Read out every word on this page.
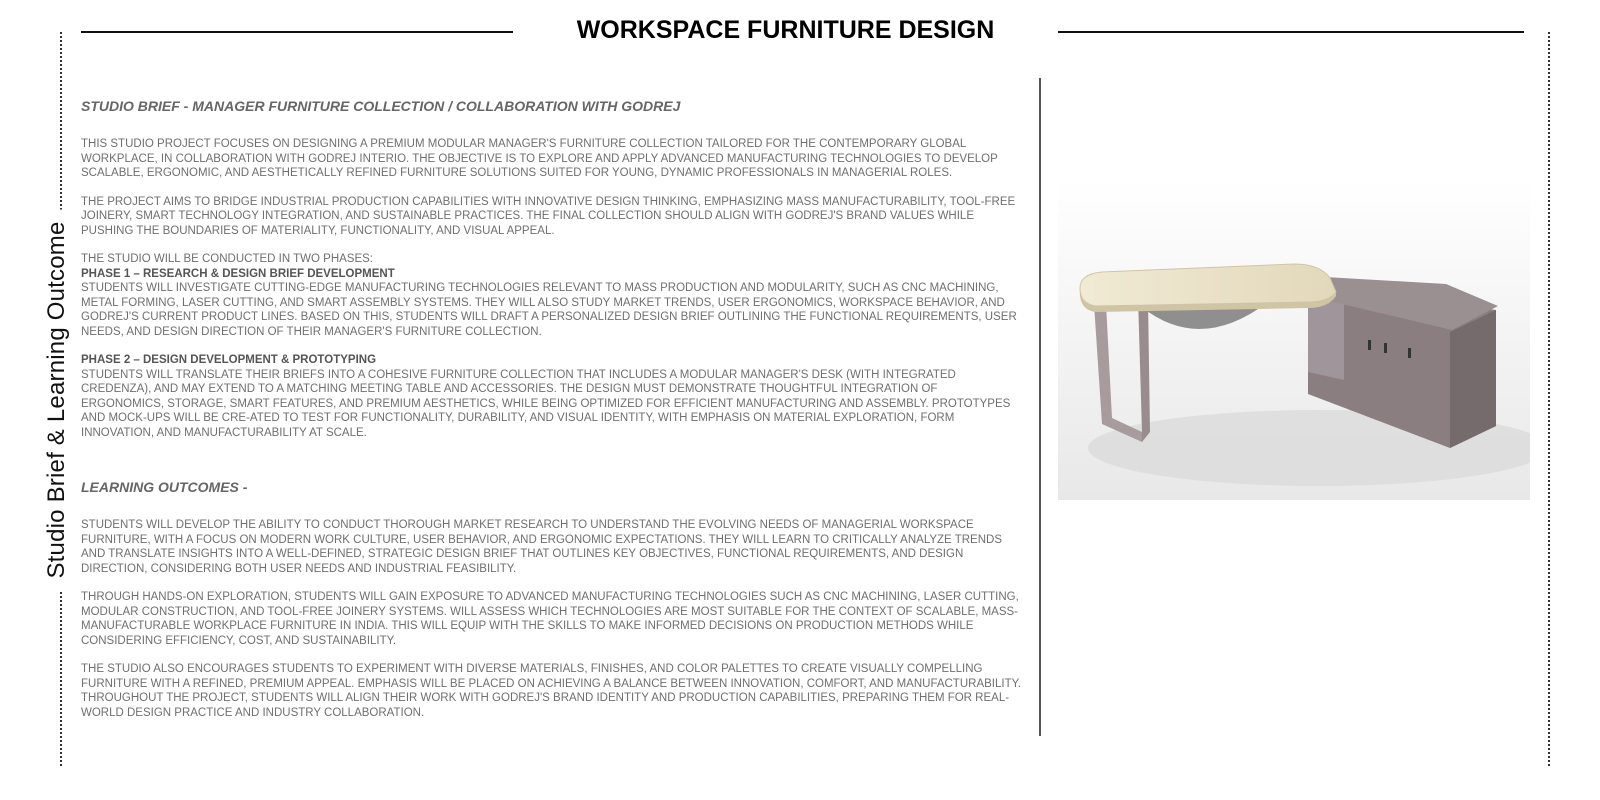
Studio Brief & Learning Outcome
WORKSPACE FURNITURE DESIGN

STUDIO BRIEF - MANAGER FURNITURE COLLECTION / COLLABORATION WITH GODREJ

THIS STUDIO PROJECT FOCUSES ON DESIGNING A PREMIUM MODULAR MANAGER'S FURNITURE COLLECTION TAILORED FOR THE CONTEMPORARY GLOBAL WORKPLACE, IN COLLABORATION WITH GODREJ INTERIO. THE OBJECTIVE IS TO EXPLORE AND APPLY ADVANCED MANUFACTURING TECHNOLOGIES TO DEVELOP SCALABLE, ERGONOMIC, AND AESTHETICALLY REFINED FURNITURE SOLUTIONS SUITED FOR YOUNG, DYNAMIC PROFESSIONALS IN MANAGERIAL ROLES.

THE PROJECT AIMS TO BRIDGE INDUSTRIAL PRODUCTION CAPABILITIES WITH INNOVATIVE DESIGN THINKING, EMPHASIZING MASS MANUFACTURABILITY, TOOL-FREE JOINERY, SMART TECHNOLOGY INTEGRATION, AND SUSTAINABLE PRACTICES. THE FINAL COLLECTION SHOULD ALIGN WITH GODREJ'S BRAND VALUES WHILE PUSHING THE BOUNDARIES OF MATERIALITY, FUNCTIONALITY, AND VISUAL APPEAL.

THE STUDIO WILL BE CONDUCTED IN TWO PHASES:

PHASE 1 – RESEARCH & DESIGN BRIEF DEVELOPMENT

STUDENTS WILL INVESTIGATE CUTTING-EDGE MANUFACTURING TECHNOLOGIES RELEVANT TO MASS PRODUCTION AND MODULARITY, SUCH AS CNC MACHINING, METAL FORMING, LASER CUTTING, AND SMART ASSEMBLY SYSTEMS. THEY WILL ALSO STUDY MARKET TRENDS, USER ERGONOMICS, WORKSPACE BEHAVIOR, AND GODREJ'S CURRENT PRODUCT LINES. BASED ON THIS, STUDENTS WILL DRAFT A PERSONALIZED DESIGN BRIEF OUTLINING THE FUNCTIONAL REQUIREMENTS, USER NEEDS, AND DESIGN DIRECTION OF THEIR MANAGER'S FURNITURE COLLECTION.

PHASE 2 – DESIGN DEVELOPMENT & PROTOTYPING

STUDENTS WILL TRANSLATE THEIR BRIEFS INTO A COHESIVE FURNITURE COLLECTION THAT INCLUDES A MODULAR MANAGER'S DESK (WITH INTEGRATED CREDENZA), AND MAY EXTEND TO A MATCHING MEETING TABLE AND ACCESSORIES. THE DESIGN MUST DEMONSTRATE THOUGHTFUL INTEGRATION OF ERGONOMICS, STORAGE, SMART FEATURES, AND PREMIUM AESTHETICS, WHILE BEING OPTIMIZED FOR EFFICIENT MANUFACTURING AND ASSEMBLY. PROTOTYPES AND MOCK-UPS WILL BE CRE-ATED TO TEST FOR FUNCTIONALITY, DURABILITY, AND VISUAL IDENTITY, WITH EMPHASIS ON MATERIAL EXPLORATION, FORM INNOVATION, AND MANUFACTURABILITY AT SCALE.

LEARNING OUTCOMES -

STUDENTS WILL DEVELOP THE ABILITY TO CONDUCT THOROUGH MARKET RESEARCH TO UNDERSTAND THE EVOLVING NEEDS OF MANAGERIAL WORKSPACE FURNITURE, WITH A FOCUS ON MODERN WORK CULTURE, USER BEHAVIOR, AND ERGONOMIC EXPECTATIONS. THEY WILL LEARN TO CRITICALLY ANALYZE TRENDS AND TRANSLATE INSIGHTS INTO A WELL-DEFINED, STRATEGIC DESIGN BRIEF THAT OUTLINES KEY OBJECTIVES, FUNCTIONAL REQUIREMENTS, AND DESIGN DIRECTION, CONSIDERING BOTH USER NEEDS AND INDUSTRIAL FEASIBILITY.

THROUGH HANDS-ON EXPLORATION, STUDENTS WILL GAIN EXPOSURE TO ADVANCED MANUFACTURING TECHNOLOGIES SUCH AS CNC MACHINING, LASER CUTTING, MODULAR CONSTRUCTION, AND TOOL-FREE JOINERY SYSTEMS. WILL ASSESS WHICH TECHNOLOGIES ARE MOST SUITABLE FOR THE CONTEXT OF SCALABLE, MASS-MANUFACTURABLE WORKPLACE FURNITURE IN INDIA. THIS WILL EQUIP WITH THE SKILLS TO MAKE INFORMED DECISIONS ON PRODUCTION METHODS WHILE CONSIDERING EFFICIENCY, COST, AND SUSTAINABILITY.

THE STUDIO ALSO ENCOURAGES STUDENTS TO EXPERIMENT WITH DIVERSE MATERIALS, FINISHES, AND COLOR PALETTES TO CREATE VISUALLY COMPELLING FURNITURE WITH A REFINED, PREMIUM APPEAL. EMPHASIS WILL BE PLACED ON ACHIEVING A BALANCE BETWEEN INNOVATION, COMFORT, AND MANUFACTURABILITY. THROUGHOUT THE PROJECT, STUDENTS WILL ALIGN THEIR WORK WITH GODREJ'S BRAND IDENTITY AND PRODUCTION CAPABILITIES, PREPARING THEM FOR REAL-WORLD DESIGN PRACTICE AND INDUSTRY COLLABORATION.
